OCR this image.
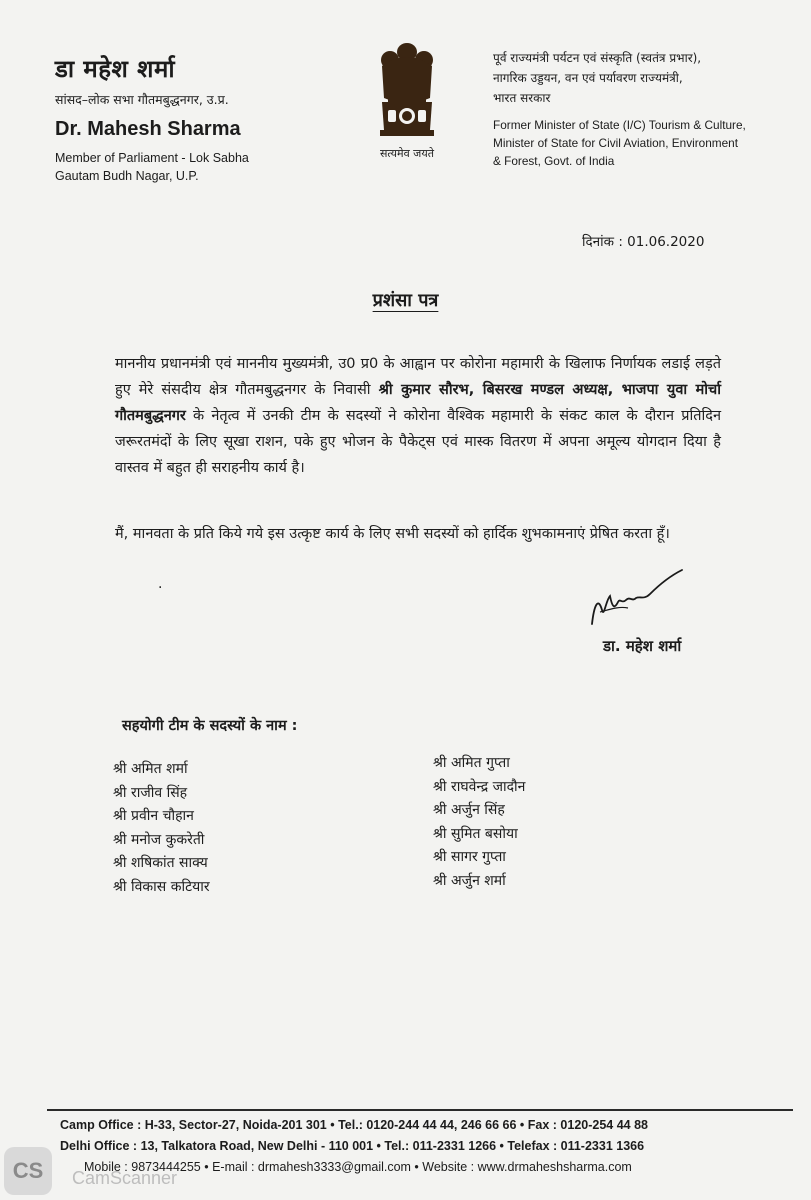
डा महेश शर्मा
सांसद–लोक सभा गौतमबुद्धनगर, उ.प्र.
Dr. Mahesh Sharma
Member of Parliament - Lok Sabha
Gautam Budh Nagar, U.P.
सत्यमेव जयते
पूर्व राज्यमंत्री पर्यटन एवं संस्कृति (स्वतंत्र प्रभार),
नागरिक उड्डयन, वन एवं पर्यावरण राज्यमंत्री,
भारत सरकार
Former Minister of State (I/C) Tourism & Culture,
Minister of State for Civil Aviation, Environment
& Forest, Govt. of India
दिनांक : 01.06.2020
प्रशंसा पत्र
माननीय प्रधानमंत्री एवं माननीय मुख्यमंत्री, उ0 प्र0 के आह्वान पर कोरोना महामारी के खिलाफ निर्णायक लडाई लड़ते हुए मेरे संसदीय क्षेत्र गौतमबुद्धनगर के निवासी श्री कुमार सौरभ, बिसरख मण्डल अध्यक्ष, भाजपा युवा मोर्चा गौतमबुद्धनगर के नेतृत्व में उनकी टीम के सदस्यों ने कोरोना वैश्विक महामारी के संकट काल के दौरान प्रतिदिन जरूरतमंदों के लिए सूखा राशन, पके हुए भोजन के पैकेट्स एवं मास्क वितरण में अपना अमूल्य योगदान दिया है वास्तव में बहुत ही सराहनीय कार्य है।
मैं, मानवता के प्रति किये गये इस उत्कृष्ट कार्य के लिए सभी सदस्यों को हार्दिक शुभकामनाएं प्रेषित करता हूँ।
·
डा. महेश शर्मा
सहयोगी टीम के सदस्यों के नाम :
श्री अमित शर्मा
श्री राजीव सिंह
श्री प्रवीन चौहान
श्री मनोज कुकरेती
श्री शषिकांत साक्य
श्री विकास कटियार
श्री अमित गुप्ता
श्री राघवेन्द्र जादौन
श्री अर्जुन सिंह
श्री सुमित बसोया
श्री सागर गुप्ता
श्री अर्जुन शर्मा
Camp Office : H-33, Sector-27, Noida-201 301 • Tel.: 0120-244 44 44, 246 66 66 • Fax : 0120-254 44 88
Delhi Office : 13, Talkatora Road, New Delhi - 110 001 • Tel.: 011-2331 1266 • Telefax : 011-2331 1366
Mobile : 9873444255 • E-mail : drmahesh3333@gmail.com • Website : www.drmaheshsharma.com
CS	CamScanner
